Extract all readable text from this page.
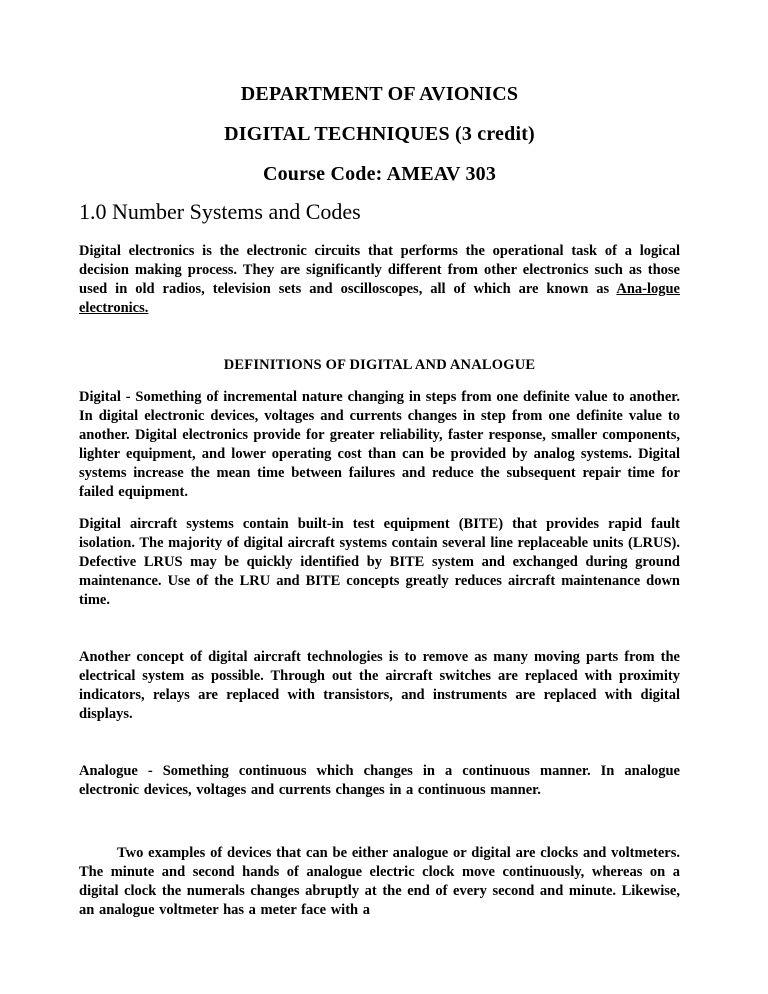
DEPARTMENT OF AVIONICS
DIGITAL TECHNIQUES (3 credit)
Course Code: AMEAV 303
1.0 Number Systems and Codes

Digital electronics is the electronic circuits that performs the operational task of a logical decision making process. They are significantly different from other electronics such as those used in old radios, television sets and oscilloscopes, all of which are known as Ana-logue electronics.

DEFINITIONS OF DIGITAL AND ANALOGUE

Digital - Something of incremental nature changing in steps from one definite value to another. In digital electronic devices, voltages and currents changes in step from one definite value to another. Digital electronics provide for greater reliability, faster response, smaller components, lighter equipment, and lower operating cost than can be provided by analog systems. Digital systems increase the mean time between failures and reduce the subsequent repair time for failed equipment.

Digital aircraft systems contain built-in test equipment (BITE) that provides rapid fault isolation. The majority of digital aircraft systems contain several line replaceable units (LRUS). Defective LRUS may be quickly identified by BITE system and exchanged during ground maintenance. Use of the LRU and BITE concepts greatly reduces aircraft maintenance down time.

Another concept of digital aircraft technologies is to remove as many moving parts from the electrical system as possible. Through out the aircraft switches are replaced with proximity indicators, relays are replaced with transistors, and instruments are replaced with digital displays.

Analogue - Something continuous which changes in a continuous manner. In analogue electronic devices, voltages and currents changes in a continuous manner.

Two examples of devices that can be either analogue or digital are clocks and voltmeters. The minute and second hands of analogue electric clock move continuously, whereas on a digital clock the numerals changes abruptly at the end of every second and minute. Likewise, an analogue voltmeter has a meter face with a
